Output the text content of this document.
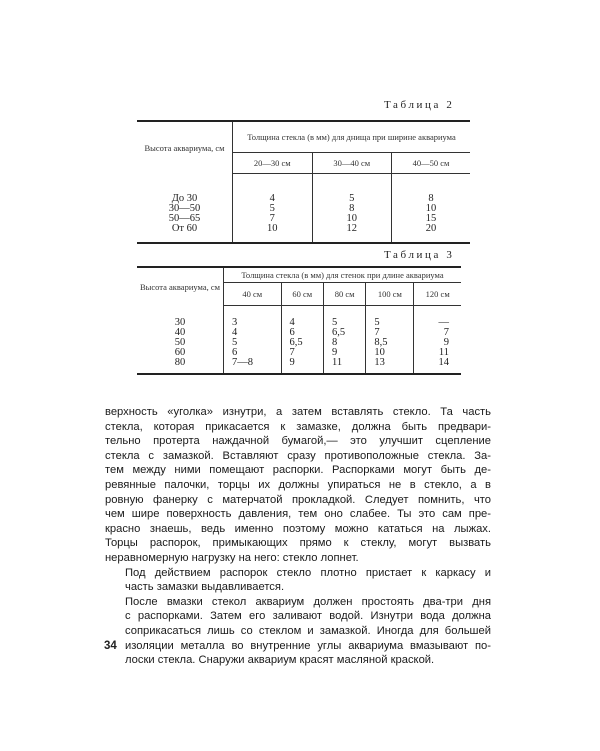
Таблица 2
Высота аквариума, см	Толщина стекла (в мм) для днища при ширине аквариума		
	20—30 см	30—40 см	40—50 см

До 30	4	5	8
30—50	5	8	10
50—65	7	10	15
От 60	10	12	20
Таблица 3
Высота аквариума, см	Толщина стекла (в мм) для стенок при длине аквариума				
	40 см	60 см	80 см	100 см	120 см

30	3	4	5	5	—
40	4	6	6,5	7	7
50	5	6,5	8	8,5	9
60	6	7	9	10	11
80	7—8	9	11	13	14

верхность «уголка» изнутри, а затем вставлять стекло. Та часть
стекла, которая прикасается к замазке, должна быть предвари-
тельно протерта наждачной бумагой,— это улучшит сцепление
стекла с замазкой. Вставляют сразу противоположные стекла. За-
тем между ними помещают распорки. Распорками могут быть де-
ревянные палочки, торцы их должны упираться не в стекло, а в
ровную фанерку с матерчатой прокладкой. Следует помнить, что
чем шире поверхность давления, тем оно слабее. Ты это сам пре-
красно знаешь, ведь именно поэтому можно кататься на лыжах.
Торцы распорок, примыкающих прямо к стеклу, могут вызвать
неравномерную нагрузку на него: стекло лопнет.

Под действием распорок стекло плотно пристает к каркасу и
часть замазки выдавливается.

После вмазки стекол аквариум должен простоять два-три дня
с распорками. Затем его заливают водой. Изнутри вода должна
соприкасаться лишь со стеклом и замазкой. Иногда для большей
изоляции металла во внутренние углы аквариума вмазывают по-
лоски стекла. Снаружи аквариум красят масляной краской.

34
